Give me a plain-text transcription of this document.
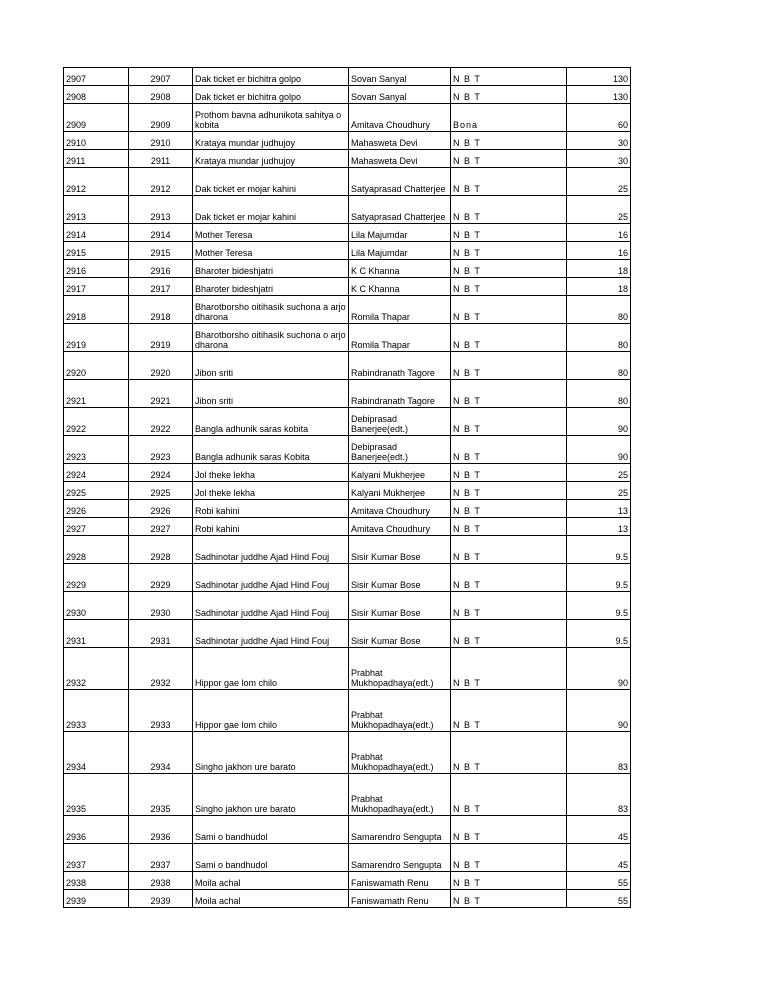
2907	2907	Dak ticket er bichitra golpo	Sovan Sanyal	N B T	130
2908	2908	Dak ticket er bichitra golpo	Sovan Sanyal	N B T	130
2909	2909	Prothom bavna adhunikota sahitya o kobita	Amitava Choudhury	Bona	60
2910	2910	Krataya mundar judhujoy	Mahasweta Devi	N B T	30
2911	2911	Krataya mundar judhujoy	Mahasweta Devi	N B T	30
2912	2912	Dak ticket er mojar kahini	Satyaprasad Chatterjee	N B T	25
2913	2913	Dak ticket er mojar kahini	Satyaprasad Chatterjee	N B T	25
2914	2914	Mother Teresa	Lila Majumdar	N B T	16
2915	2915	Mother Teresa	Lila Majumdar	N B T	16
2916	2916	Bharoter bideshjatri	K C Khanna	N B T	18
2917	2917	Bharoter bideshjatri	K C Khanna	N B T	18
2918	2918	Bharotborsho oitihasik suchona a arjo dharona	Romila Thapar	N B T	80
2919	2919	Bharotborsho oitihasik suchona o arjo dharona	Romila Thapar	N B T	80
2920	2920	Jibon sriti	Rabindranath Tagore	N B T	80
2921	2921	Jibon sriti	Rabindranath Tagore	N B T	80
2922	2922	Bangla adhunik saras kobita	Debiprasad Banerjee(edt.)	N B T	90
2923	2923	Bangla adhunik saras Kobita	Debiprasad Banerjee(edt.)	N B T	90
2924	2924	Jol theke lekha	Kalyani Mukherjee	N B T	25
2925	2925	Jol theke lekha	Kalyani Mukherjee	N B T	25
2926	2926	Robi kahini	Amitava Choudhury	N B T	13
2927	2927	Robi kahini	Amitava Choudhury	N B T	13
2928	2928	Sadhinotar juddhe Ajad Hind Fouj	Sisir Kumar Bose	N B T	9.5
2929	2929	Sadhinotar juddhe Ajad Hind Fouj	Sisir Kumar Bose	N B T	9.5
2930	2930	Sadhinotar juddhe Ajad Hind Fouj	Sisir Kumar Bose	N B T	9.5
2931	2931	Sadhinotar juddhe Ajad Hind Fouj	Sisir Kumar Bose	N B T	9.5
2932	2932	Hippor gae lom chilo	Prabhat Mukhopadhaya(edt.)	N B T	90
2933	2933	Hippor gae lom chilo	Prabhat Mukhopadhaya(edt.)	N B T	90
2934	2934	Singho jakhon ure barato	Prabhat Mukhopadhaya(edt.)	N B T	83
2935	2935	Singho jakhon ure barato	Prabhat Mukhopadhaya(edt.)	N B T	83
2936	2936	Sami o bandhudol	Samarendro Sengupta	N B T	45
2937	2937	Sami o bandhudol	Samarendro Sengupta	N B T	45
2938	2938	Moila achal	Faniswamath Renu	N B T	55
2939	2939	Moila achal	Faniswamath Renu	N B T	55
